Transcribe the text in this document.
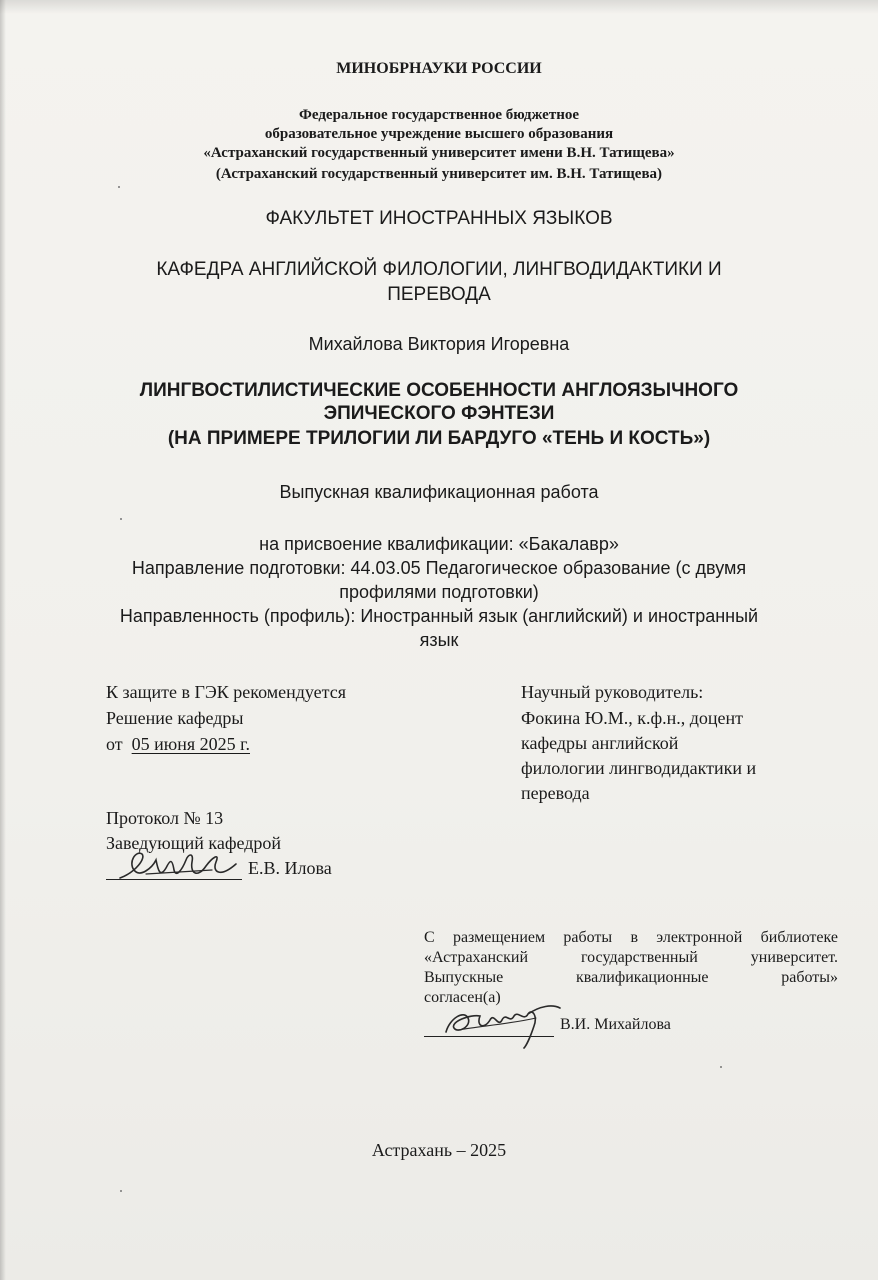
МИНОБРНАУКИ РОССИИ
Федеральное государственное бюджетное
образовательное учреждение высшего образования
«Астраханский государственный университет имени В.Н. Татищева»
(Астраханский государственный университет им. В.Н. Татищева)
ФАКУЛЬТЕТ ИНОСТРАННЫХ ЯЗЫКОВ
КАФЕДРА АНГЛИЙСКОЙ ФИЛОЛОГИИ, ЛИНГВОДИДАКТИКИ И
ПЕРЕВОДА
Михайлова Виктория Игоревна
ЛИНГВОСТИЛИСТИЧЕСКИЕ ОСОБЕННОСТИ АНГЛОЯЗЫЧНОГО
ЭПИЧЕСКОГО ФЭНТЕЗИ
(НА ПРИМЕРЕ ТРИЛОГИИ ЛИ БАРДУГО «ТЕНЬ И КОСТЬ»)
Выпускная квалификационная работа
на присвоение квалификации: «Бакалавр»
Направление подготовки: 44.03.05 Педагогическое образование (с двумя
профилями подготовки)
Направленность (профиль): Иностранный язык (английский) и иностранный
язык
К защите в ГЭК рекомендуется
Решение кафедры
от 05 июня 2025 г.
Протокол № 13
Заведующий кафедрой
Е.В. Илова
Научный руководитель:
Фокина Ю.М., к.ф.н., доцент
кафедры английской
филологии лингводидактики и
перевода
С размещением работы в электронной библиотеке
«Астраханский государственный университет.
Выпускные квалификационные работы»
согласен(а)
В.И. Михайлова
Астрахань – 2025
